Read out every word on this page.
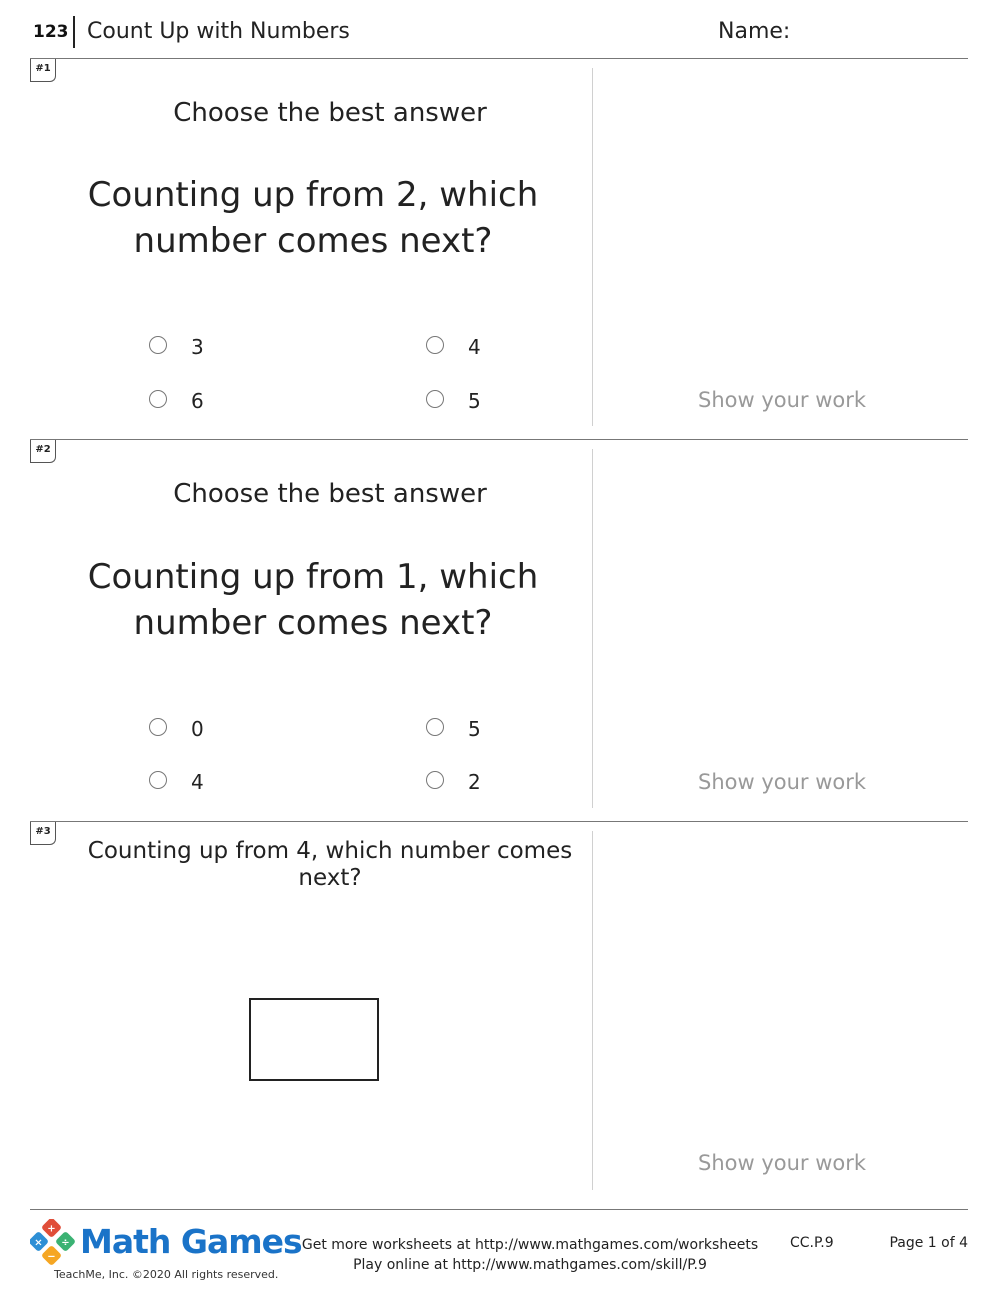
123 Count Up with Numbers	Name:
#1
Choose the best answer
Counting up from 2, which
number comes next?
3	4
6	5	Show your work
#2
Choose the best answer
Counting up from 1, which
number comes next?
0	5
4	2	Show your work
#3
Counting up from 4, which number comes
next?
Show your work
+
× ÷
− Math Games
TeachMe, Inc. ©2020 All rights reserved.
Get more worksheets at http://www.mathgames.com/worksheets
Play online at http://www.mathgames.com/skill/P.9
CC.P.9	Page 1 of 4
